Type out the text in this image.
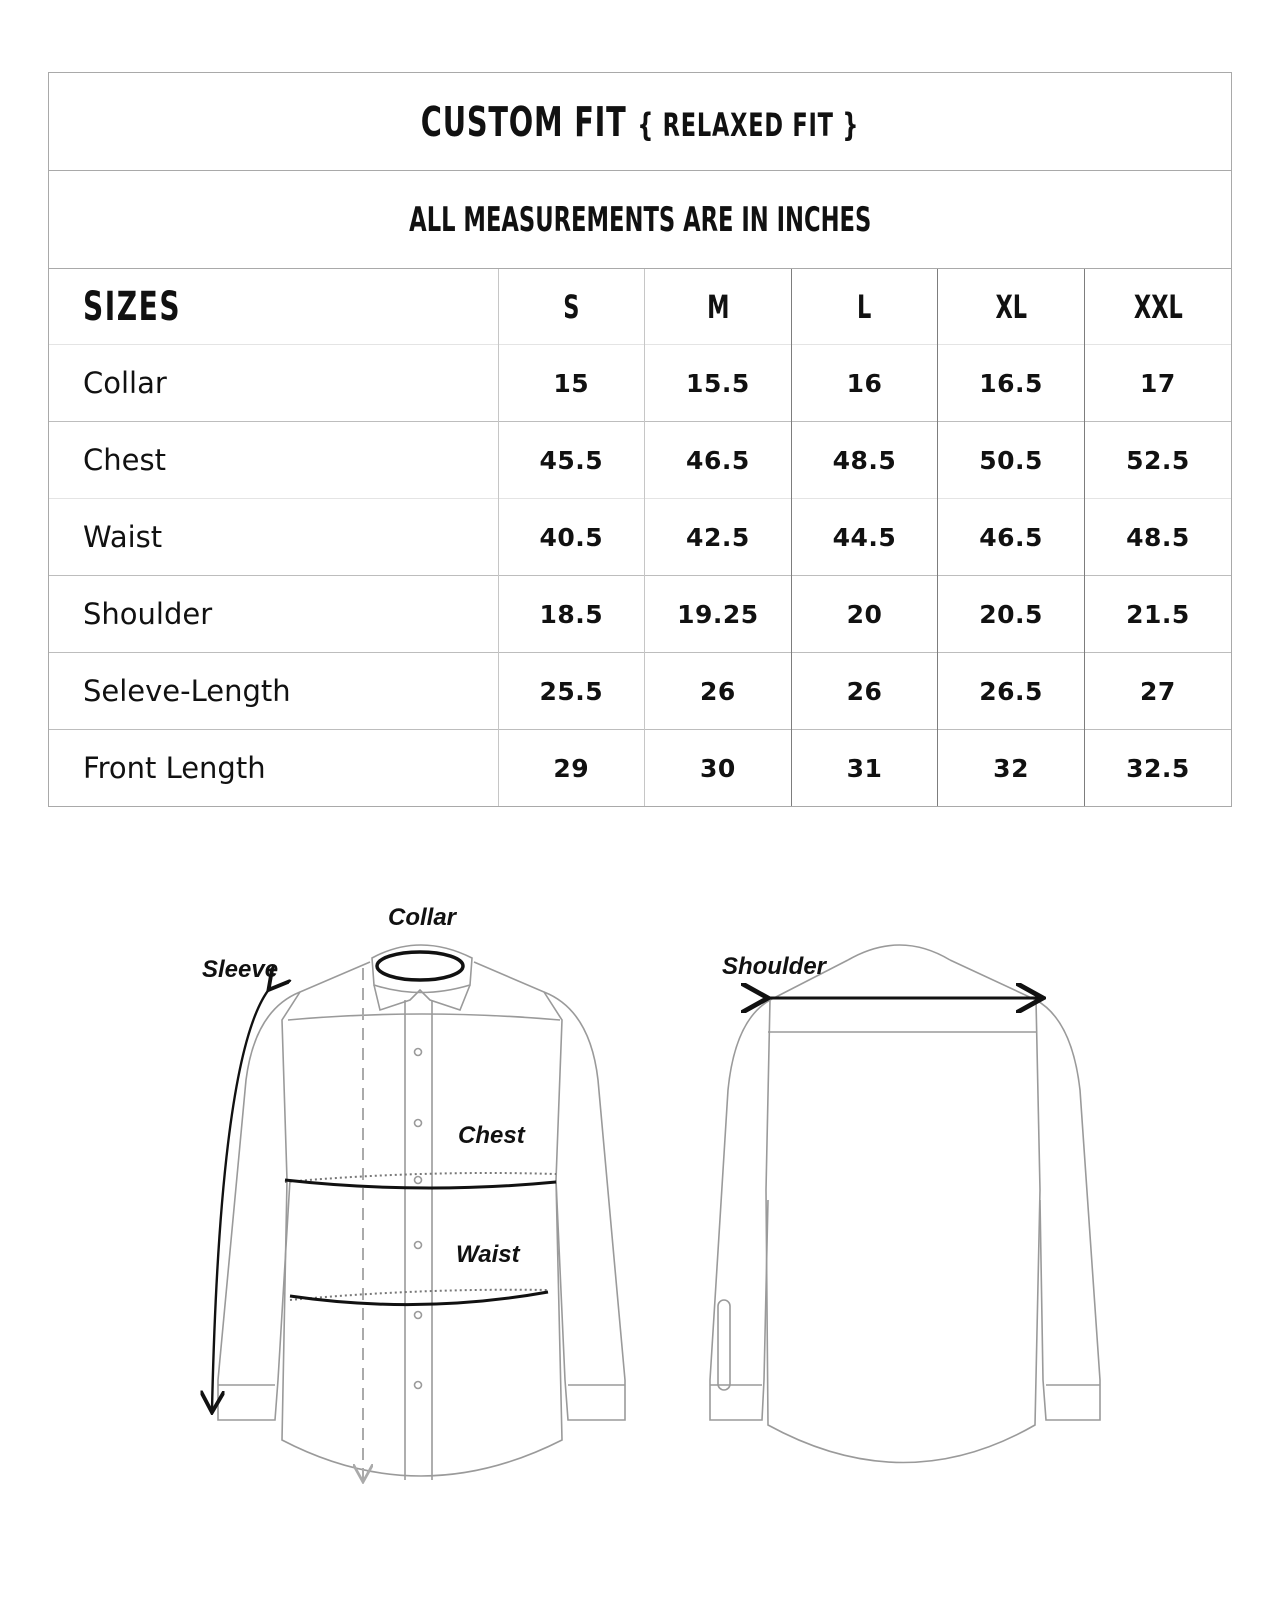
CUSTOM FIT { RELAXED FIT }
ALL MEASUREMENTS ARE IN INCHES
SIZES	S	M	L	XL	XXL
Collar	15	15.5	16	16.5	17
Chest	45.5	46.5	48.5	50.5	52.5
Waist	40.5	42.5	44.5	46.5	48.5
Shoulder	18.5	19.25	20	20.5	21.5
Seleve-Length	25.5	26	26	26.5	27
Front Length	29	30	31	32	32.5
Collar
Sleeve
Chest
Waist
Shoulder
